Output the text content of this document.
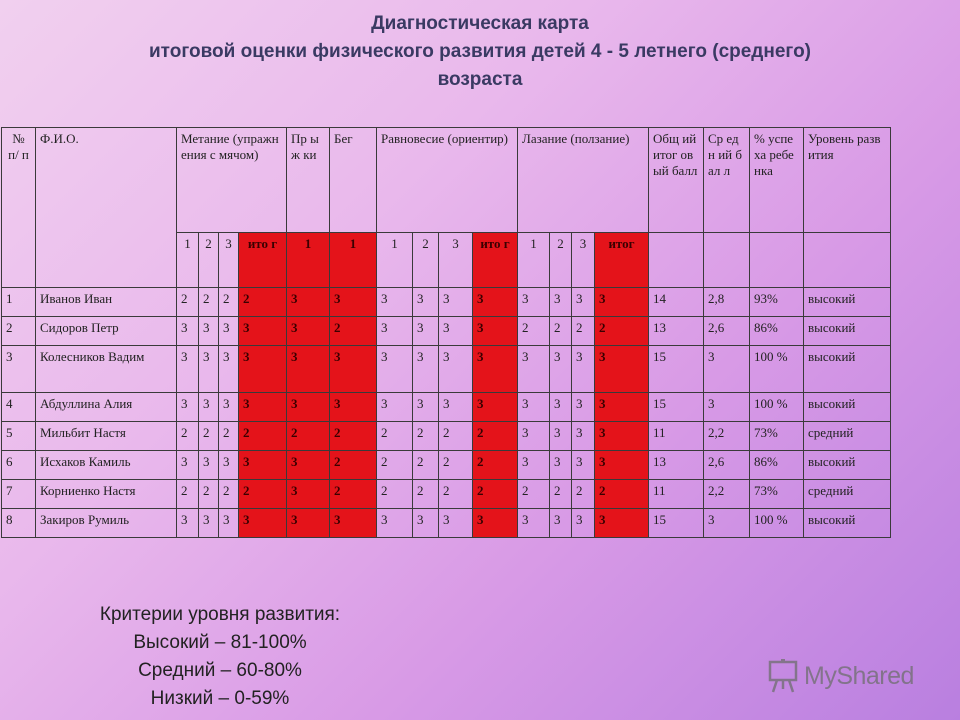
Диагностическая карта
итоговой оценки физического развития детей 4 - 5 летнего (среднего)
возраста
№ п/ п	Ф.И.О.	Метание (упражнения с мячом)				Пр ыж ки	Бег	Равновесие (ориентир)				Лазание (ползание)				Общ ий итог овый балл	Ср едн ий бал л	% успе ха ребе нка	Уровень развития
		1	2	3	ито г	1	1	1	2	3	ито г	1	2	3	итог				
1	Иванов Иван	2	2	2	2	3	3	3	3	3	3	3	3	3	3	14	2,8	93%	высокий
2	Сидоров Петр	3	3	3	3	3	2	3	3	3	3	2	2	2	2	13	2,6	86%	высокий
3	Колесников Вадим	3	3	3	3	3	3	3	3	3	3	3	3	3	3	15	3	100 %	высокий
4	Абдуллина Алия	3	3	3	3	3	3	3	3	3	3	3	3	3	3	15	3	100 %	высокий
5	Мильбит Настя	2	2	2	2	2	2	2	2	2	2	3	3	3	3	11	2,2	73%	средний
6	Исхаков Камиль	3	3	3	3	3	2	2	2	2	2	3	3	3	3	13	2,6	86%	высокий
7	Корниенко Настя	2	2	2	2	3	2	2	2	2	2	2	2	2	2	11	2,2	73%	средний
8	Закиров Румиль	3	3	3	3	3	3	3	3	3	3	3	3	3	3	15	3	100 %	высокий
Критерии уровня развития:
Высокий – 81-100%
Средний – 60-80%
Низкий – 0-59%
MyShared
